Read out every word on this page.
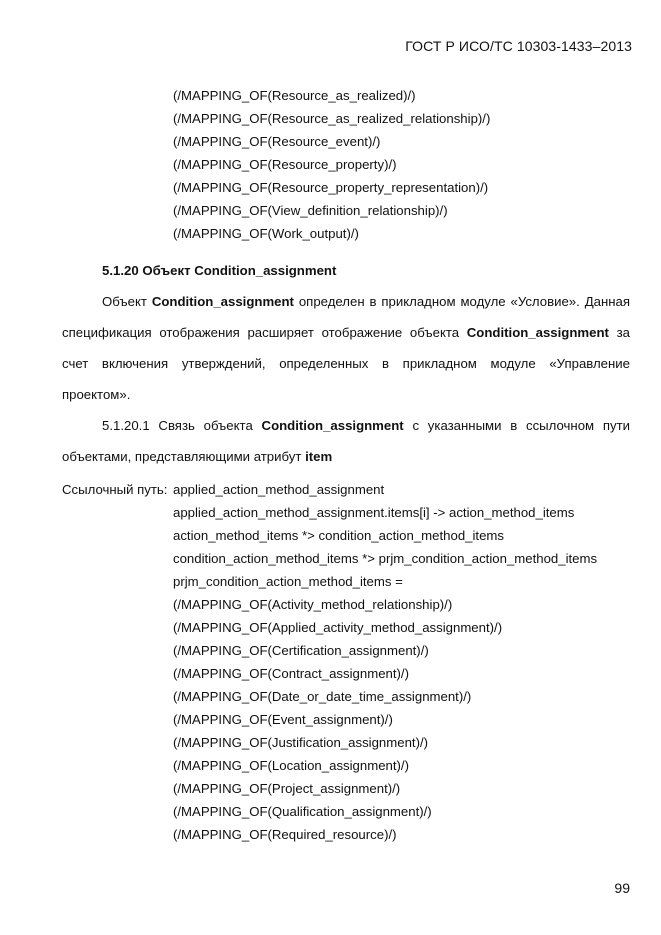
ГОСТ Р ИСО/ТС 10303-1433–2013
(/MAPPING_OF(Resource_as_realized)/)
(/MAPPING_OF(Resource_as_realized_relationship)/)
(/MAPPING_OF(Resource_event)/)
(/MAPPING_OF(Resource_property)/)
(/MAPPING_OF(Resource_property_representation)/)
(/MAPPING_OF(View_definition_relationship)/)
(/MAPPING_OF(Work_output)/)
5.1.20 Объект Condition_assignment
Объект Condition_assignment определен в прикладном модуле «Условие». Данная спецификация отображения расширяет отображение объекта Condition_assignment за счет включения утверждений, определенных в прикладном модуле «Управление проектом».
5.1.20.1 Связь объекта Condition_assignment с указанными в ссылочном пути объектами, представляющими атрибут item
Ссылочный путь: applied_action_method_assignment
applied_action_method_assignment.items[i] -> action_method_items
action_method_items *> condition_action_method_items
condition_action_method_items *> prjm_condition_action_method_items
prjm_condition_action_method_items =
(/MAPPING_OF(Activity_method_relationship)/)
(/MAPPING_OF(Applied_activity_method_assignment)/)
(/MAPPING_OF(Certification_assignment)/)
(/MAPPING_OF(Contract_assignment)/)
(/MAPPING_OF(Date_or_date_time_assignment)/)
(/MAPPING_OF(Event_assignment)/)
(/MAPPING_OF(Justification_assignment)/)
(/MAPPING_OF(Location_assignment)/)
(/MAPPING_OF(Project_assignment)/)
(/MAPPING_OF(Qualification_assignment)/)
(/MAPPING_OF(Required_resource)/)
99
